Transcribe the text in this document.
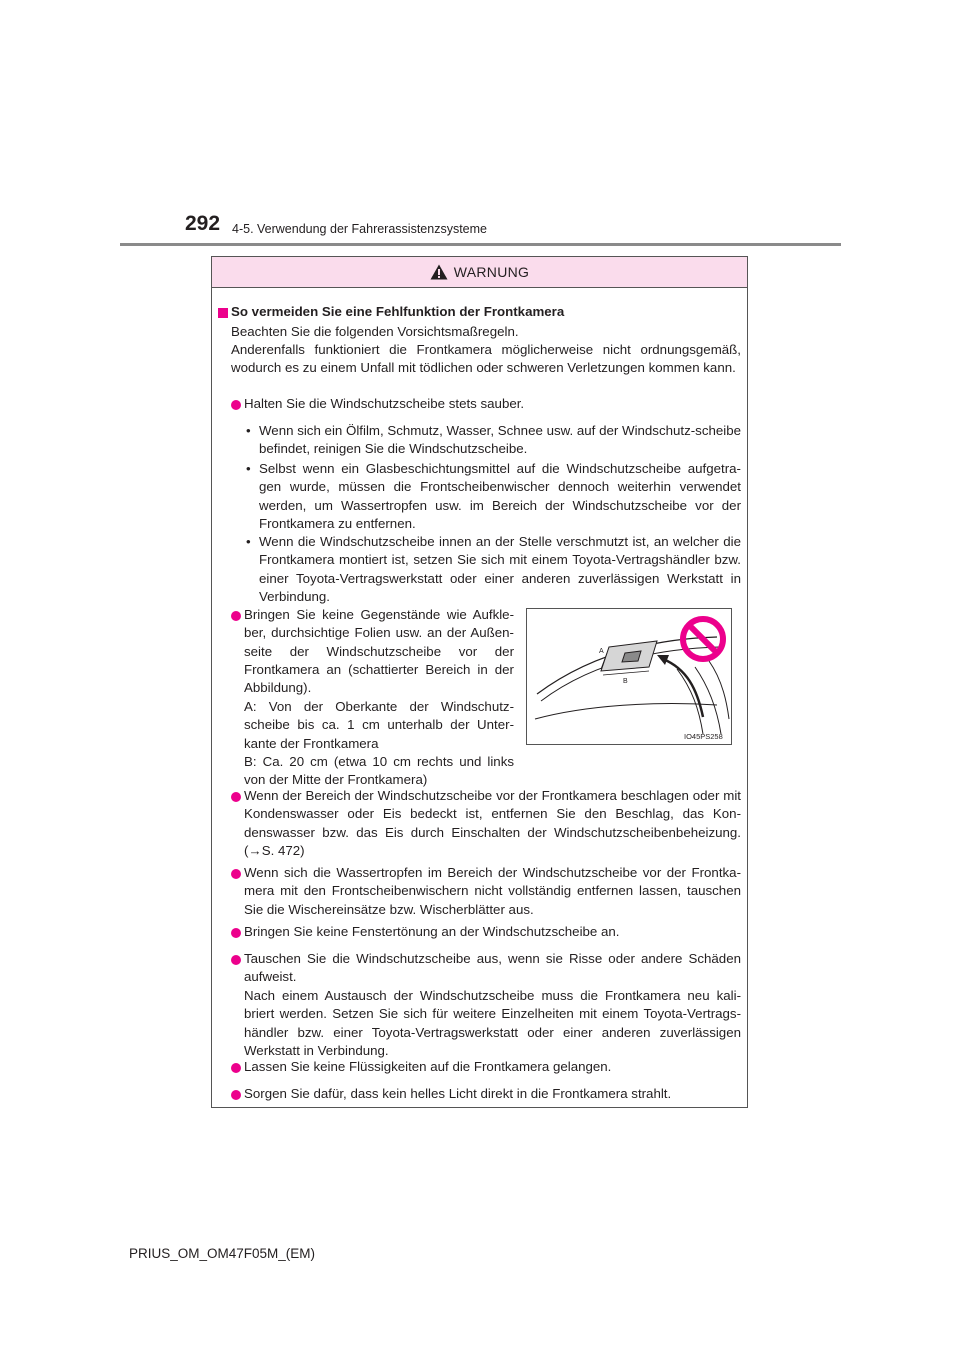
292 4-5. Verwendung der Fahrerassistenzsysteme
WARNUNG
So vermeiden Sie eine Fehlfunktion der Frontkamera
Beachten Sie die folgenden Vorsichtsmaßregeln.
Anderenfalls funktioniert die Frontkamera möglicherweise nicht ordnungsgemäß, wodurch es zu einem Unfall mit tödlichen oder schweren Verletzungen kommen kann.
Halten Sie die Windschutzscheibe stets sauber.
• Wenn sich ein Ölfilm, Schmutz, Wasser, Schnee usw. auf der Windschutz-scheibe befindet, reinigen Sie die Windschutzscheibe.
• Selbst wenn ein Glasbeschichtungsmittel auf die Windschutzscheibe aufgetra-gen wurde, müssen die Frontscheibenwischer dennoch weiterhin verwendet werden, um Wassertropfen usw. im Bereich der Windschutzscheibe vor der Frontkamera zu entfernen.
• Wenn die Windschutzscheibe innen an der Stelle verschmutzt ist, an welcher die Frontkamera montiert ist, setzen Sie sich mit einem Toyota-Vertragshändler bzw. einer Toyota-Vertragswerkstatt oder einer anderen zuverlässigen Werkstatt in Verbindung.
Bringen Sie keine Gegenstände wie Aufkle-ber, durchsichtige Folien usw. an der Außen-seite der Windschutzscheibe vor der Frontkamera an (schattierter Bereich in der Abbildung).
A: Von der Oberkante der Windschutz-scheibe bis ca. 1 cm unterhalb der Unter-kante der Frontkamera
B: Ca. 20 cm (etwa 10 cm rechts und links von der Mitte der Frontkamera)
A
B
IO45PS258
Wenn der Bereich der Windschutzscheibe vor der Frontkamera beschlagen oder mit Kondenswasser oder Eis bedeckt ist, entfernen Sie den Beschlag, das Kon-denswasser bzw. das Eis durch Einschalten der Windschutzscheibenbeheizung. (→S. 472)
Wenn sich die Wassertropfen im Bereich der Windschutzscheibe vor der Frontka-mera mit den Frontscheibenwischern nicht vollständig entfernen lassen, tauschen Sie die Wischereinsätze bzw. Wischerblätter aus.
Bringen Sie keine Fenstertönung an der Windschutzscheibe an.
Tauschen Sie die Windschutzscheibe aus, wenn sie Risse oder andere Schäden aufweist.
Nach einem Austausch der Windschutzscheibe muss die Frontkamera neu kali-briert werden. Setzen Sie sich für weitere Einzelheiten mit einem Toyota-Vertrags-händler bzw. einer Toyota-Vertragswerkstatt oder einer anderen zuverlässigen Werkstatt in Verbindung.
Lassen Sie keine Flüssigkeiten auf die Frontkamera gelangen.
Sorgen Sie dafür, dass kein helles Licht direkt in die Frontkamera strahlt.
PRIUS_OM_OM47F05M_(EM)
